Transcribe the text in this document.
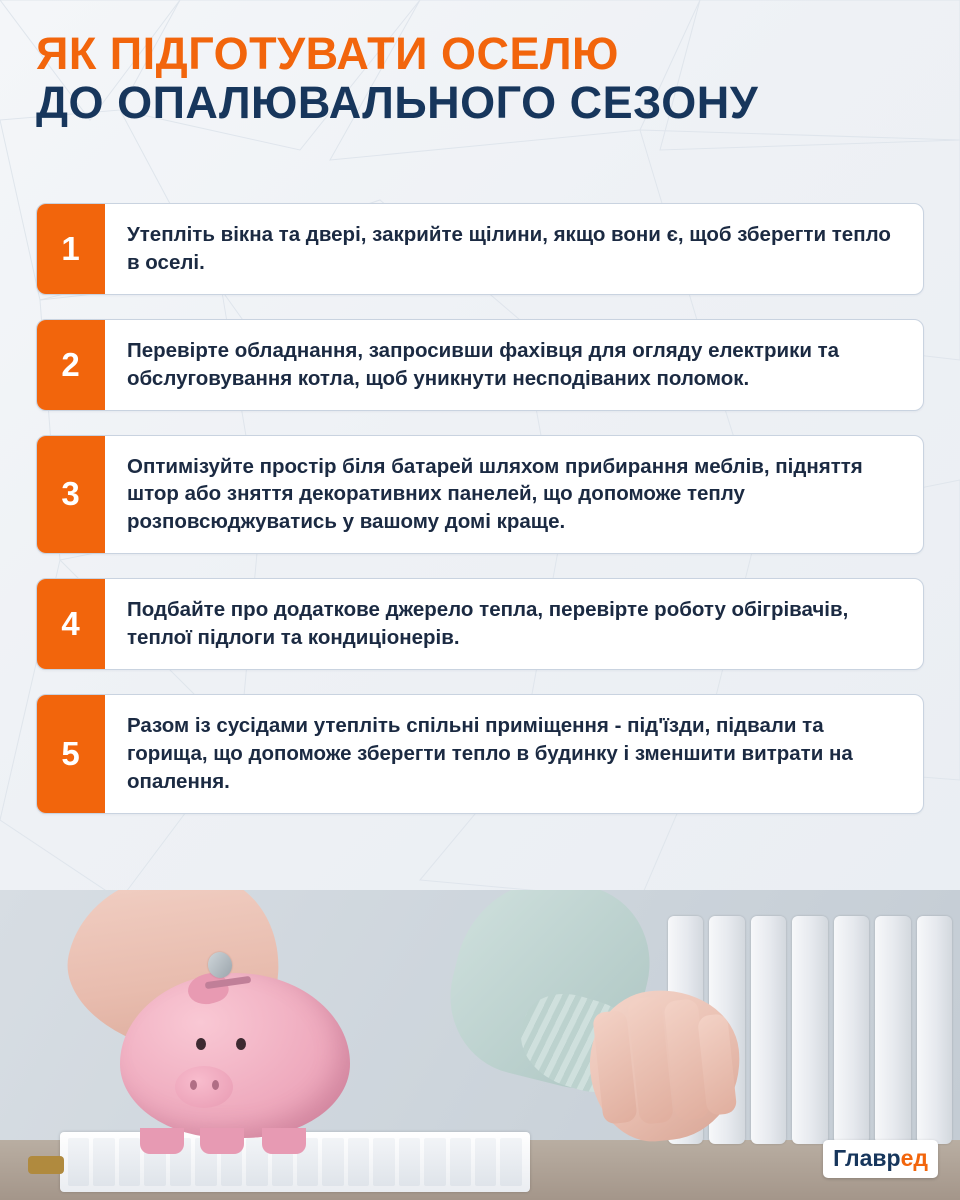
ЯК ПІДГОТУВАТИ ОСЕЛЮ
ДО ОПАЛЮВАЛЬНОГО СЕЗОНУ
1	Утепліть вікна та двері, закрийте щілини, якщо вони є, щоб зберегти тепло в оселі.
2	Перевірте обладнання, запросивши фахівця для огляду електрики та обслуговування котла, щоб уникнути несподіваних поломок.
3
Оптимізуйте простір біля батарей шляхом прибирання меблів, підняття штор або зняття декоративних панелей, що допоможе теплу розповсюджуватись у вашому домі краще.
4	Подбайте про додаткове джерело тепла, перевірте роботу обігрівачів, теплої підлоги та кондиціонерів.
5
Разом із сусідами утепліть спільні приміщення - під'їзди, підвали та горища, що допоможе зберегти тепло в будинку і зменшити витрати на опалення.
Главред
